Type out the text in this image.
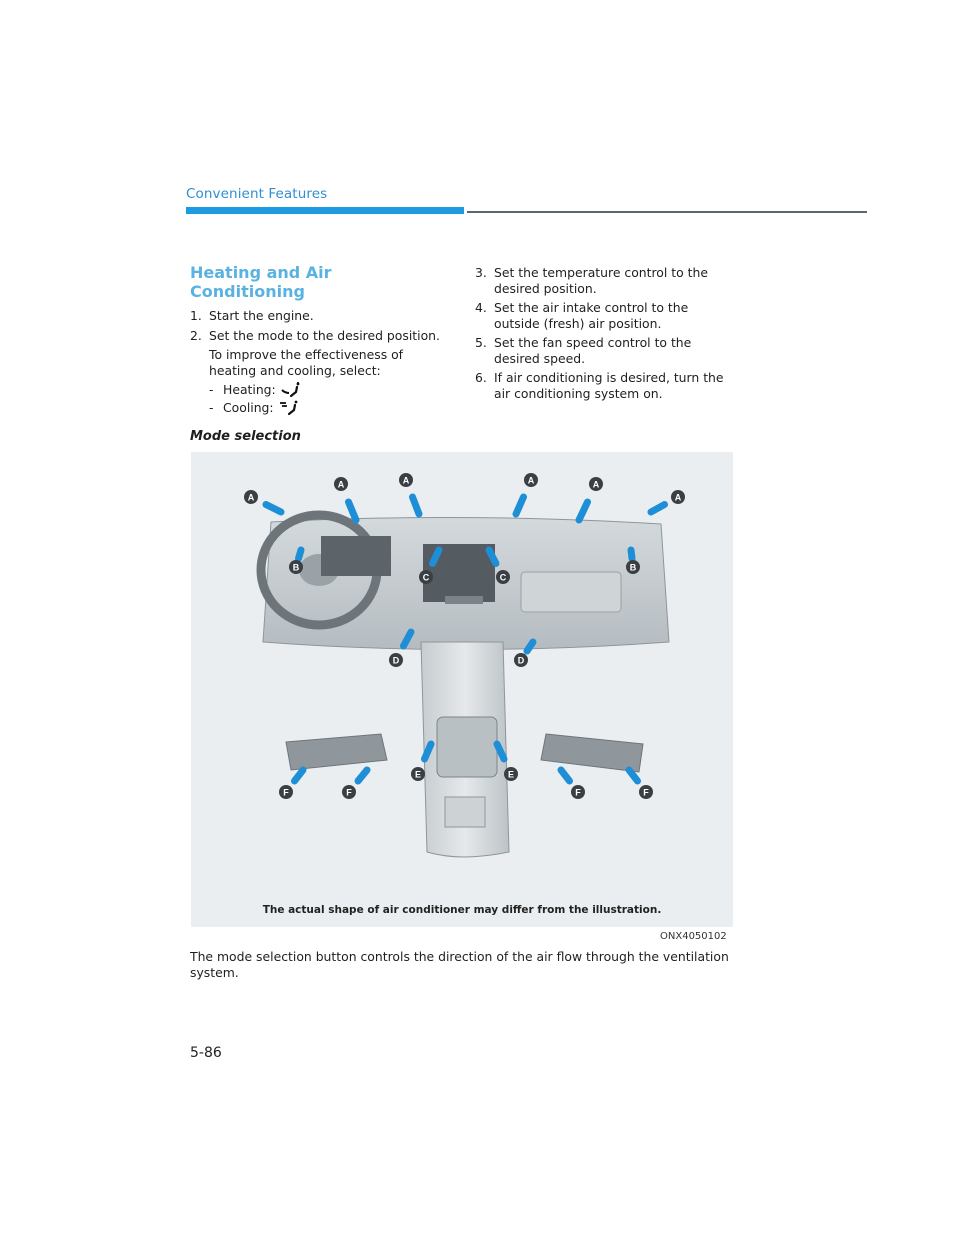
Convenient Features
Heating and Air Conditioning
1. Start the engine.
2. Set the mode to the desired position.
To improve the effectiveness of heating and cooling, select:
- Heating:
- Cooling:
3. Set the temperature control to the desired position.
4. Set the air intake control to the outside (fresh) air position.
5. Set the fan speed control to the desired speed.
6. If air conditioning is desired, turn the air conditioning system on.
Mode selection
A
A	A	A	A
A
B	B
C	C
D	D
E	E
F	F	F	F
The actual shape of air conditioner may differ from the illustration.
ONX4050102
The mode selection button controls the direction of the air flow through the ventilation system.
5-86
